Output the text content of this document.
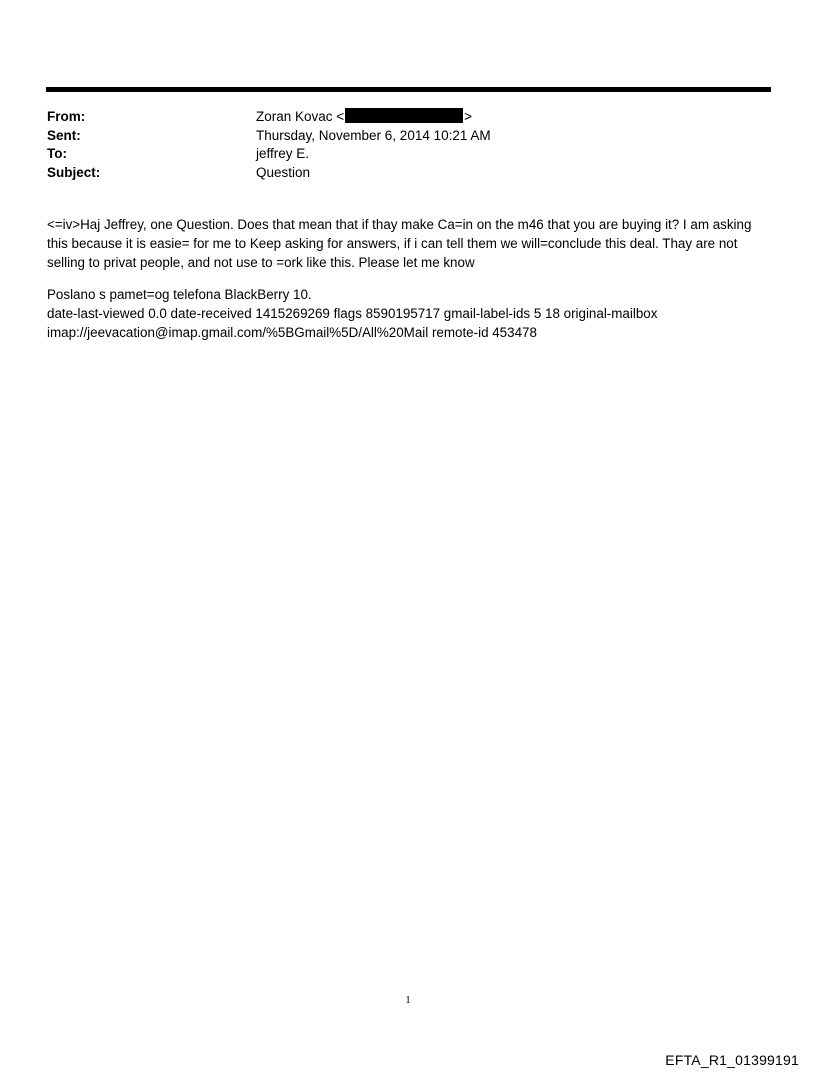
From:	Zoran Kovac <	>
Sent:	Thursday, November 6, 2014 10:21 AM
To:	jeffrey E.
Subject:	Question

<=iv>Haj Jeffrey, one Question. Does that mean that if thay make Ca=in on the m46 that you are buying it? I am asking this because it is easie= for me to Keep asking for answers, if i can tell them we will=conclude this deal. Thay are not selling to privat people, and not use to =ork like this. Please let me know

Poslano s pamet=og telefona BlackBerry 10.

date-last-viewed 0.0 date-received 1415269269 flags 8590195717 gmail-label-ids 5 18 original-mailbox imap://jeevacation@imap.gmail.com/%5BGmail%5D/All%20Mail remote-id 453478

1
EFTA_R1_01399191
